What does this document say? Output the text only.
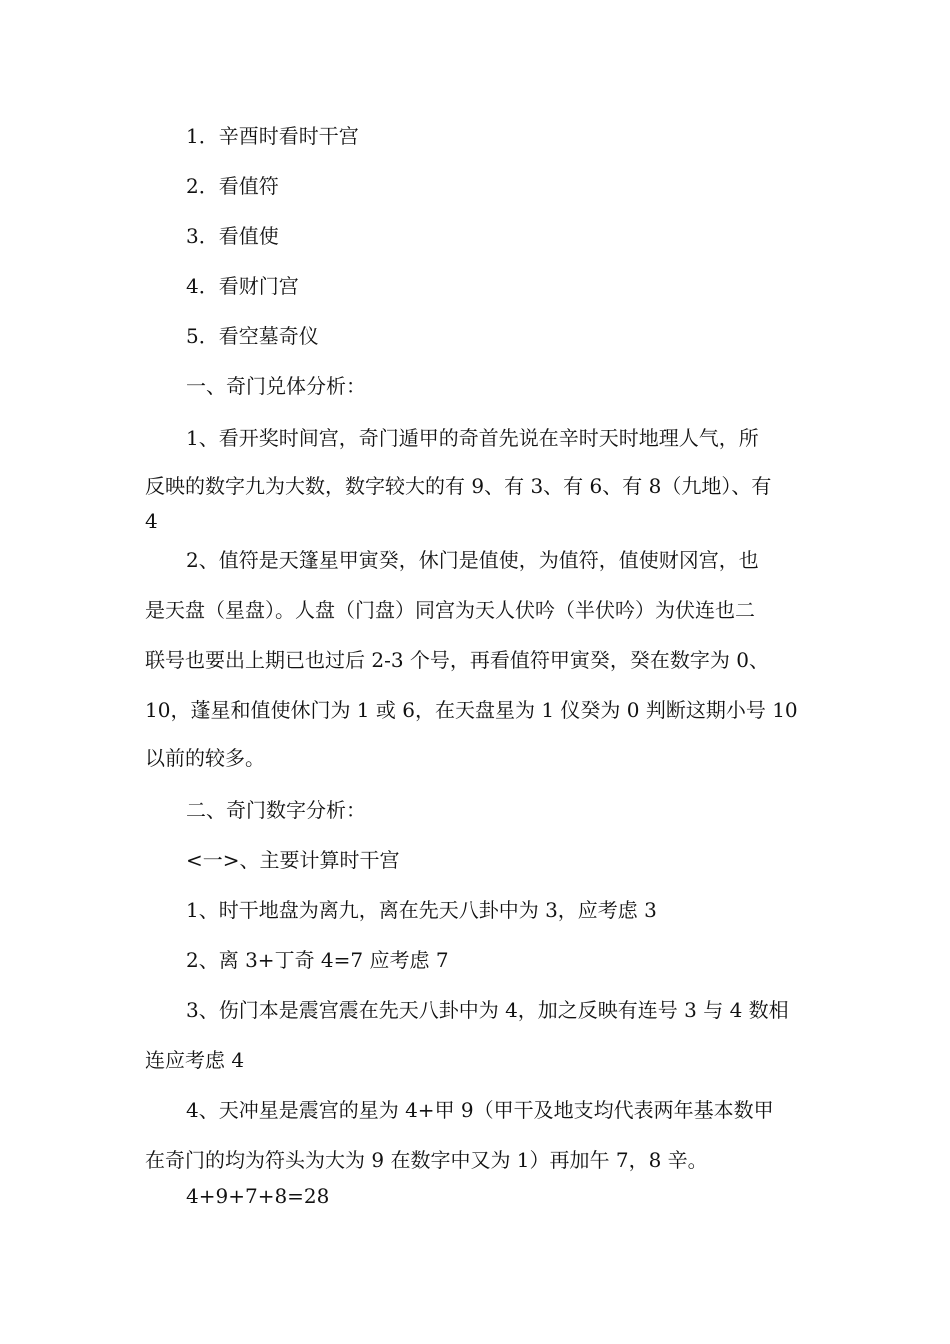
1．辛酉时看时干宫
2．看值符
3．看值使
4．看财门宫
5．看空墓奇仪
一、奇门兑体分析：
1、看开奖时间宫，奇门遁甲的奇首先说在辛时天时地理人气，所
反映的数字九为大数，数字较大的有 9、有 3、有 6、有 8（九地）、有
4
2、值符是天篷星甲寅癸，休门是值使，为值符，值使财冈宫，也
是天盘（星盘）。人盘（门盘）同宫为天人伏吟（半伏吟）为伏连也二
联号也要出上期已也过后 2-3 个号，再看值符甲寅癸，癸在数字为 0、
10，蓬星和值使休门为 1 或 6，在天盘星为 1 仪癸为 0 判断这期小号 10
以前的较多。
二、奇门数字分析：
<一>、主要计算时干宫
1、时干地盘为离九，离在先天八卦中为 3，应考虑 3
2、离 3+丁奇 4=7 应考虑 7
3、伤门本是震宫震在先天八卦中为 4，加之反映有连号 3 与 4 数相
连应考虑 4
4、天冲星是震宫的星为 4+甲 9（甲干及地支均代表两年基本数甲
在奇门的均为符头为大为 9 在数字中又为 1）再加午 7，8 辛。
4+9+7+8=28
